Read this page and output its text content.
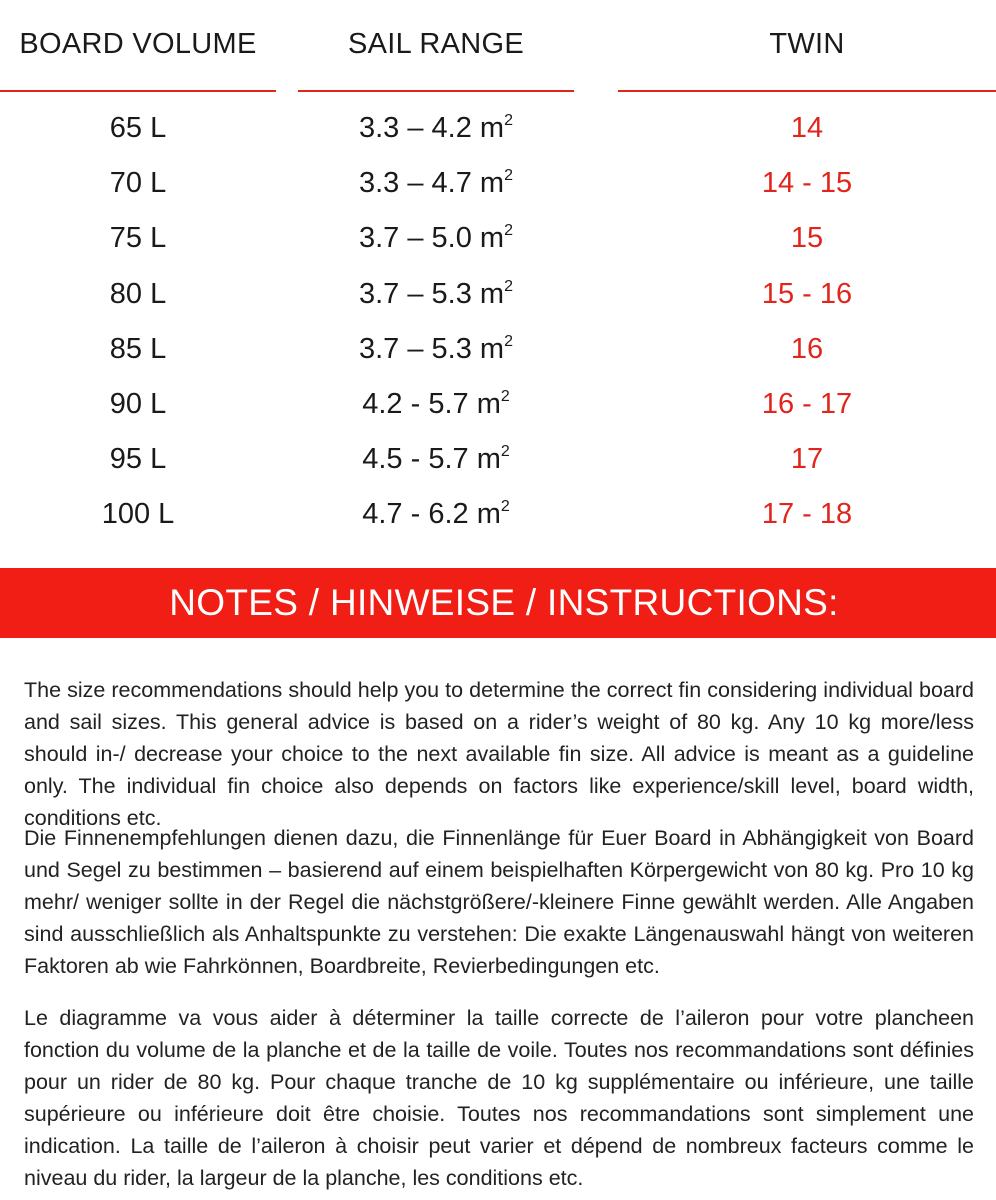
BOARD VOLUME	SAIL RANGE	TWIN
65 L	3.3 – 4.2 $m^2$	14
70 L	3.3 – 4.7 $m^2$	14 - 15
75 L	3.7 – 5.0 $m^2$	15
80 L	3.7 – 5.3 $m^2$	15 - 16
85 L	3.7 – 5.3 $m^2$	16
90 L	4.2 - 5.7 $m^2$	16 - 17
95 L	4.5 - 5.7 $m^2$	17
100 L	4.7 - 6.2 $m^2$	17 - 18
NOTES / HINWEISE / INSTRUCTIONS:

The size recommendations should help you to determine the correct fin considering individual board and sail sizes. This general advice is based on a rider’s weight of 80 kg. Any 10 kg more/less should in-/ decrease your choice to the next available fin size. All advice is meant as a guideline only. The individual fin choice also depends on factors like experience/skill level, board width, conditions etc.

Die Finnenempfehlungen dienen dazu, die Finnenlänge für Euer Board in Abhängigkeit von Board und Segel zu bestimmen – basierend auf einem beispielhaften Körpergewicht von 80 kg. Pro 10 kg mehr/ weniger sollte in der Regel die nächstgrößere/-kleinere Finne gewählt werden. Alle Angaben sind ausschließlich als Anhaltspunkte zu verstehen: Die exakte Längenauswahl hängt von weiteren Faktoren ab wie Fahrkönnen, Boardbreite, Revierbedingungen etc.

Le diagramme va vous aider à déterminer la taille correcte de l’aileron pour votre plancheen fonction du volume de la planche et de la taille de voile. Toutes nos recommandations sont définies pour un rider de 80 kg. Pour chaque tranche de 10 kg supplémentaire ou inférieure, une taille supérieure ou inférieure doit être choisie. Toutes nos recommandations sont simplement une indication. La taille de l’aileron à choisir peut varier et dépend de nombreux facteurs comme le niveau du rider, la largeur de la planche, les conditions etc.
